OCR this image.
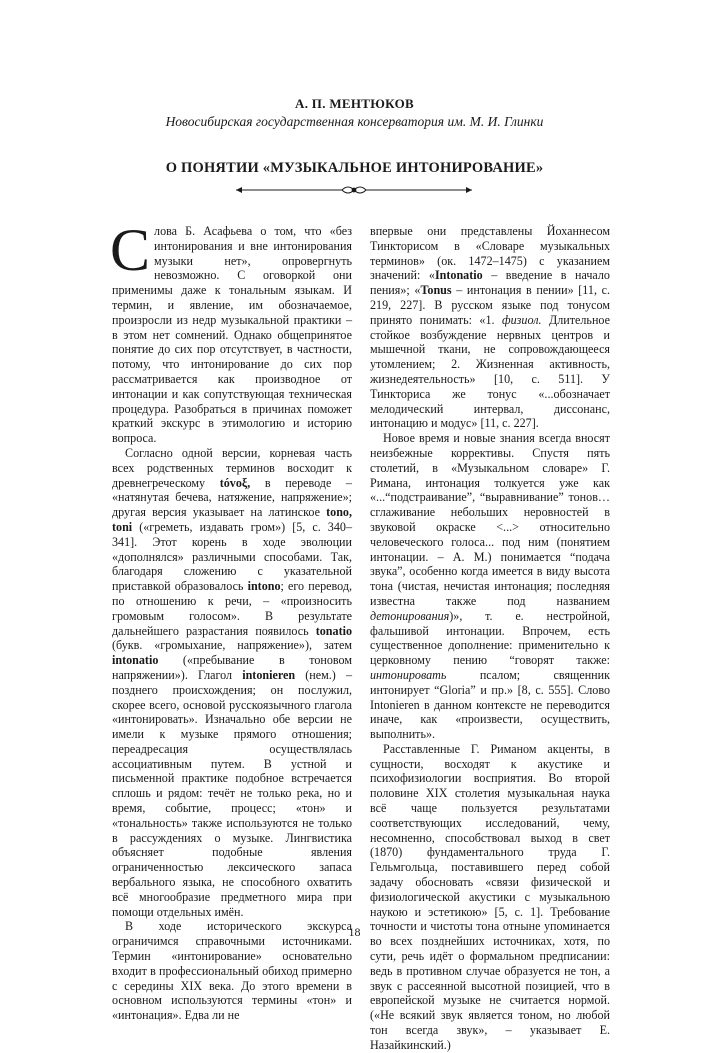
А. П. МЕНТЮКОВ
Новосибирская государственная консерватория им. М. И. Глинки
О ПОНЯТИИ «МУЗЫКАЛЬНОЕ ИНТОНИРОВАНИЕ»

Слова Б. Асафьева о том, что «без интонирования и вне интонирования музыки нет», опровергнуть невозможно. С оговоркой они применимы даже к тональным языкам. И термин, и явление, им обозначаемое, произросли из недр музыкальной практики – в этом нет сомнений. Однако общепринятое понятие до сих пор отсутствует, в частности, потому, что интонирование до сих пор рассматривается как производное от интонации и как сопутствующая техническая процедура. Разобраться в причинах поможет краткий экскурс в этимологию и историю вопроса.

Согласно одной версии, корневая часть всех родственных терминов восходит к древнегреческому tóvoξ, в переводе – «натянутая бечева, натяжение, напряжение»; другая версия указывает на латинское tono, toni («греметь, издавать гром») [5, с. 340–341]. Этот корень в ходе эволюции «дополнялся» различными способами. Так, благодаря сложению с указательной приставкой образовалось intono; его перевод, по отношению к речи, – «произносить громовым голосом». В результате дальнейшего разрастания появилось tonatio (букв. «громыхание, напряжение»), затем intonatio («пребывание в тоновом напряжении»). Глагол intonieren (нем.) – позднего происхождения; он послужил, скорее всего, основой русскоязычного глагола «интонировать». Изначально обе версии не имели к музыке прямого отношения; переадресация осуществлялась ассоциативным путем. В устной и письменной практике подобное встречается сплошь и рядом: течёт не только река, но и время, событие, процесс; «тон» и «тональность» также используются не только в рассуждениях о музыке. Лингвистика объясняет подобные явления ограниченностью лексического запаса вербального языка, не способного охватить всё многообразие предметного мира при помощи отдельных имён.

В ходе исторического экскурса ограничимся справочными источниками. Термин «интонирование» основательно входит в профессиональный обиход примерно с середины XIX века. До этого времени в основном используются термины «тон» и «интонация». Едва ли не

впервые они представлены Йоханнесом Тинкторисом в «Словаре музыкальных терминов» (ок. 1472–1475) с указанием значений: «Intonatio – введение в начало пения»; «Tonus – интонация в пении» [11, с. 219, 227]. В русском языке под тонусом принято понимать: «1. физиол. Длительное стойкое возбуждение нервных центров и мышечной ткани, не сопровождающееся утомлением; 2. Жизненная активность, жизнедеятельность» [10, с. 511]. У Тинкториса же тонус «...обозначает мелодический интервал, диссонанс, интонацию и модус» [11, с. 227].

Новое время и новые знания всегда вносят неизбежные коррективы. Спустя пять столетий, в «Музыкальном словаре» Г. Римана, интонация толкуется уже как «...“подстраивание”, “выравнивание” тонов… сглаживание небольших неровностей в звуковой окраске <...> относительно человеческого голоса... под ним (понятием интонации. – А. М.) понимается “подача звука”, особенно когда имеется в виду высота тона (чистая, нечистая интонация; последняя известна также под названием детонирования)», т. е. нестройной, фальшивой интонации. Впрочем, есть существенное дополнение: применительно к церковному пению “говорят также: интонировать псалом; священник интонирует “Gloria” и пр.» [8, с. 555]. Слово Intonieren в данном контексте не переводится иначе, как «произвести, осуществить, выполнить».

Расставленные Г. Риманом акценты, в сущности, восходят к акустике и психофизиологии восприятия. Во второй половине XIX столетия музыкальная наука всё чаще пользуется результатами соответствующих исследований, чему, несомненно, способствовал выход в свет (1870) фундаментального труда Г. Гельмгольца, поставившего перед собой задачу обосновать «связи физической и физиологической акустики с музыкальною наукою и эстетикою» [5, с. 1]. Требование точности и чистоты тона отныне упоминается во всех позднейших источниках, хотя, по сути, речь идёт о формальном предписании: ведь в противном случае образуется не тон, а звук с рассеянной высотной позицией, что в европейской музыке не считается нормой. («Не всякий звук является тоном, но любой тон всегда звук», – указывает Е. Назайкинский.)

18
